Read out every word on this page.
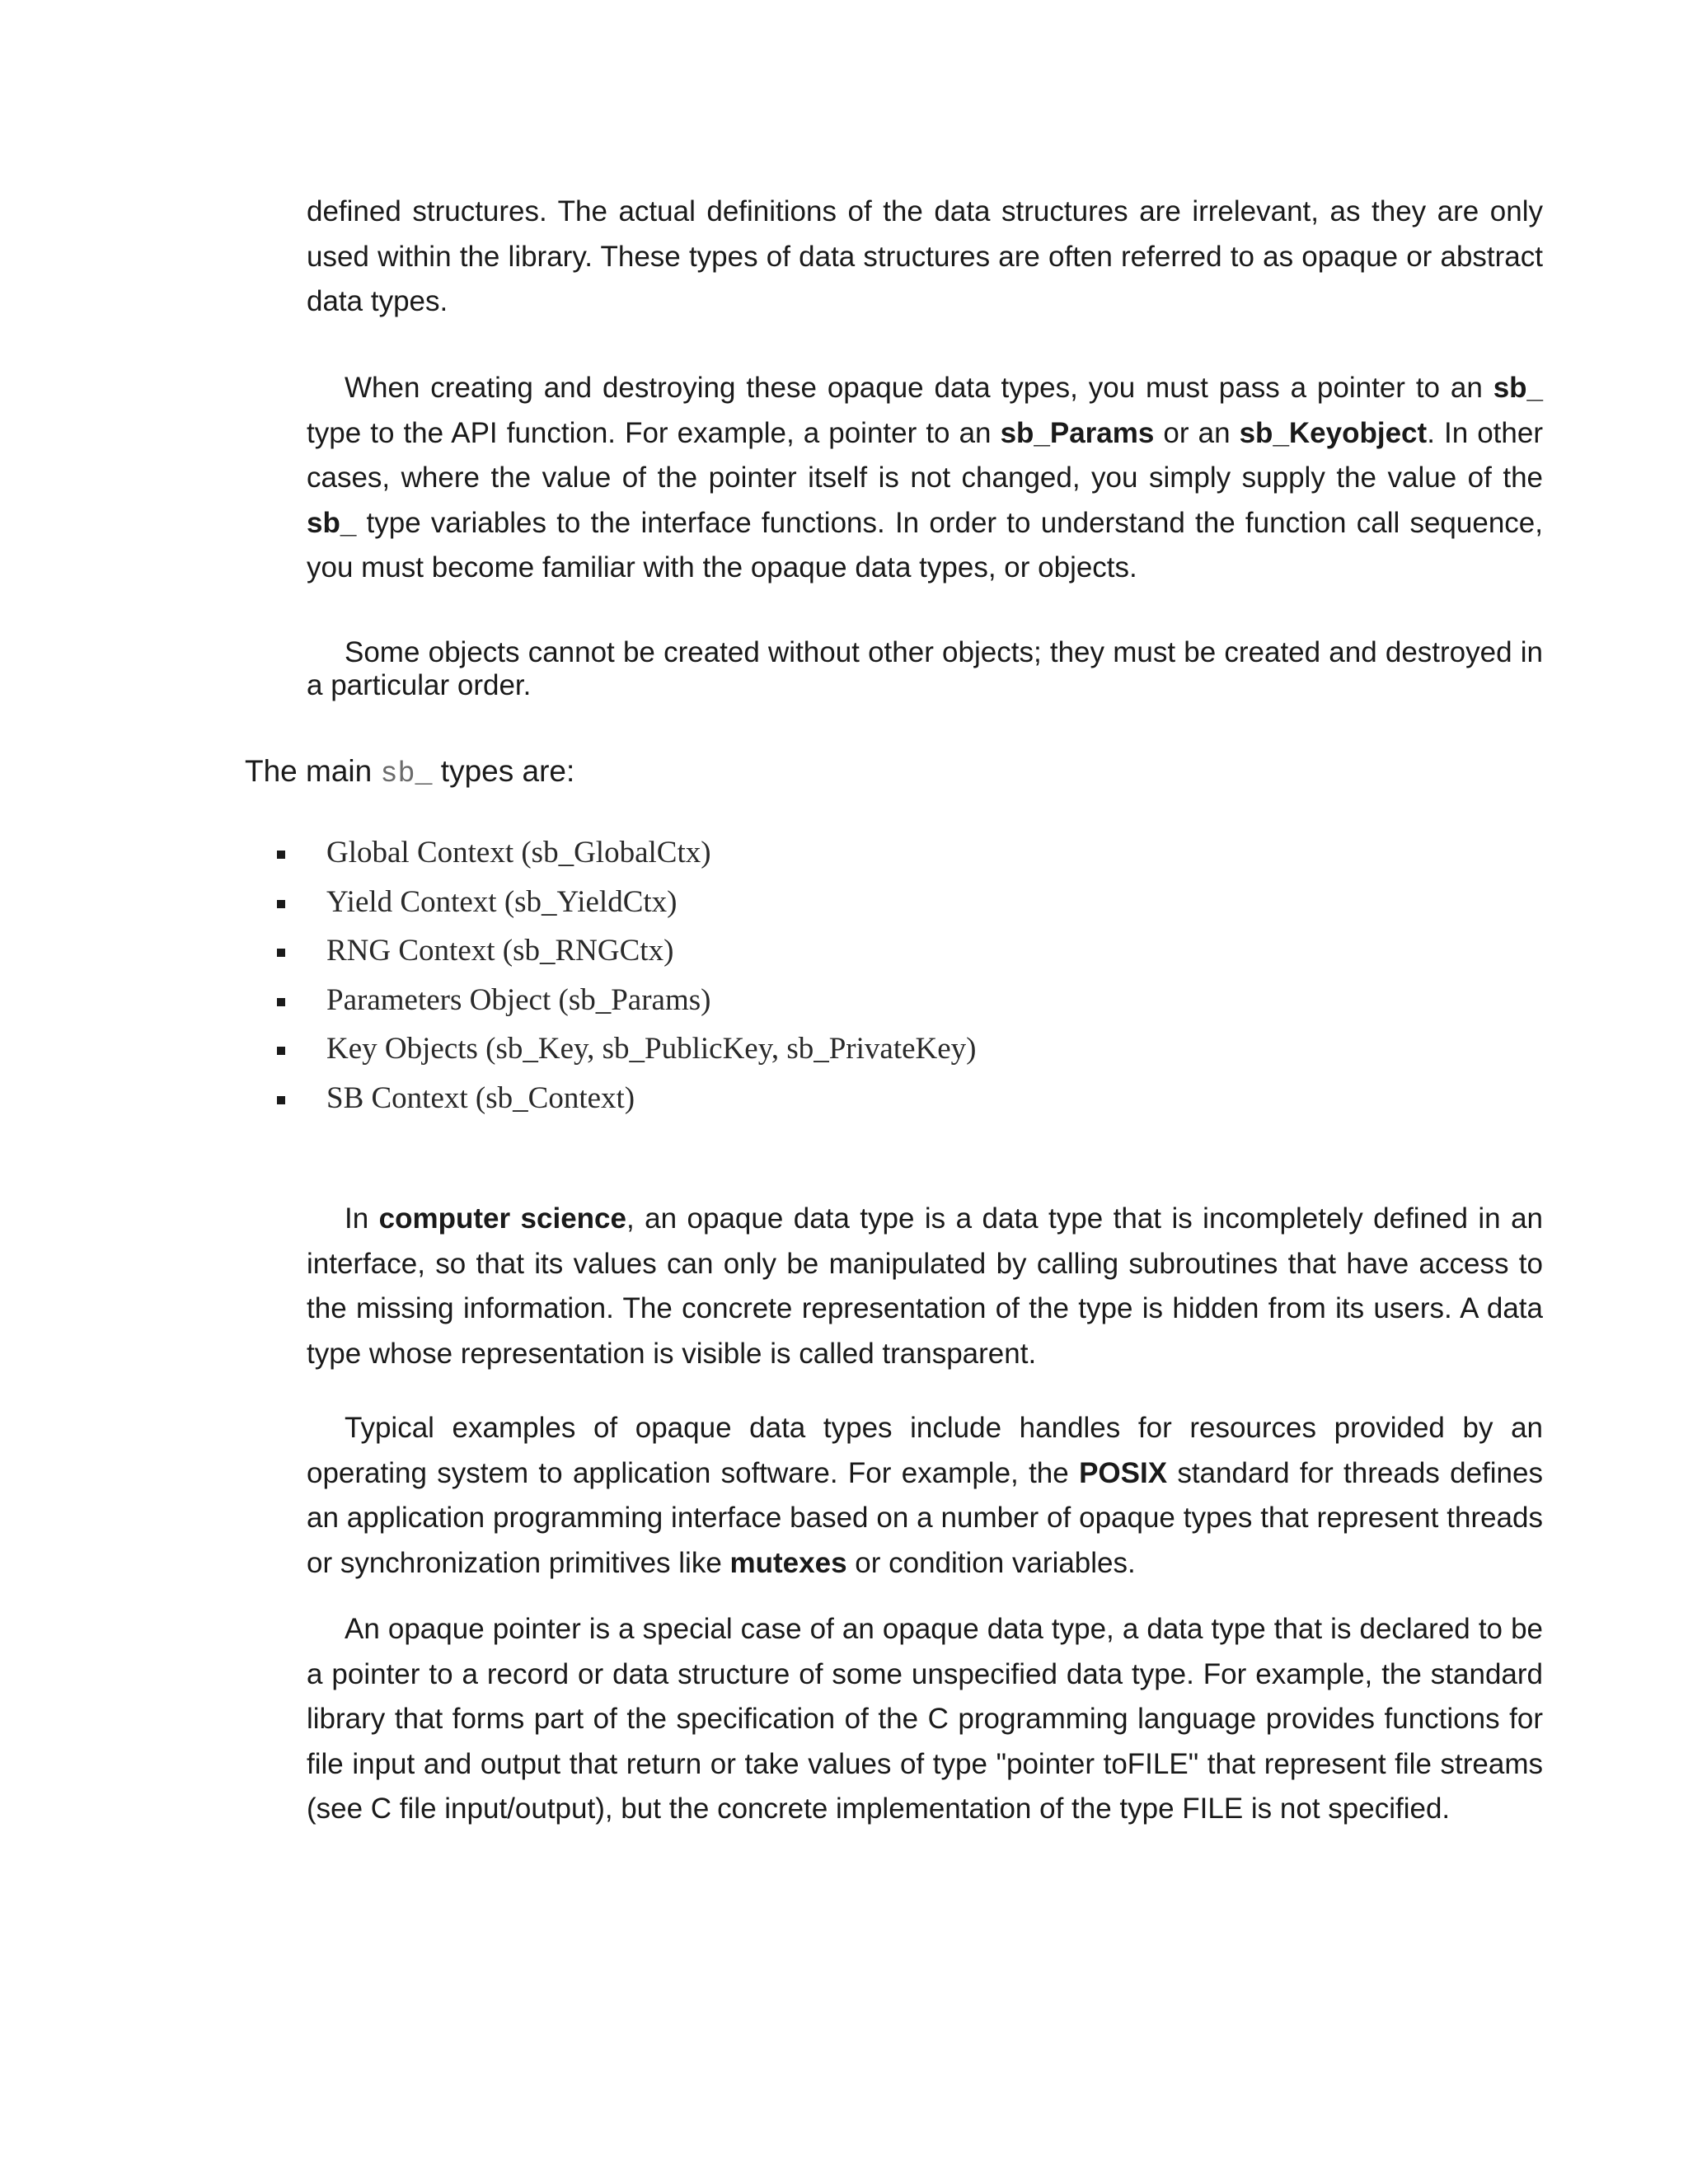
defined structures. The actual definitions of the data structures are irrelevant, as they are only used within the library. These types of data structures are often referred to as opaque or abstract data types.

When creating and destroying these opaque data types, you must pass a pointer to an sb_ type to the API function. For example, a pointer to an sb_Params or an sb_Keyobject. In other cases, where the value of the pointer itself is not changed, you simply supply the value of the sb_ type variables to the interface functions. In order to understand the function call sequence, you must become familiar with the opaque data types, or objects.

Some objects cannot be created without other objects; they must be created and destroyed in a particular order.

The main sb_ types are:

Global Context (sb_GlobalCtx)
Yield Context (sb_YieldCtx)
RNG Context (sb_RNGCtx)
Parameters Object (sb_Params)
Key Objects (sb_Key, sb_PublicKey, sb_PrivateKey)
SB Context (sb_Context)

In computer science, an opaque data type is a data type that is incompletely defined in an interface, so that its values can only be manipulated by calling subroutines that have access to the missing information. The concrete representation of the type is hidden from its users. A data type whose representation is visible is called transparent.

Typical examples of opaque data types include handles for resources provided by an operating system to application software. For example, the POSIX standard for threads defines an application programming interface based on a number of opaque types that represent threads or synchronization primitives like mutexes or condition variables.

An opaque pointer is a special case of an opaque data type, a data type that is declared to be a pointer to a record or data structure of some unspecified data type. For example, the standard library that forms part of the specification of the C programming language provides functions for file input and output that return or take values of type "pointer toFILE" that represent file streams (see C file input/output), but the concrete implementation of the type FILE is not specified.
